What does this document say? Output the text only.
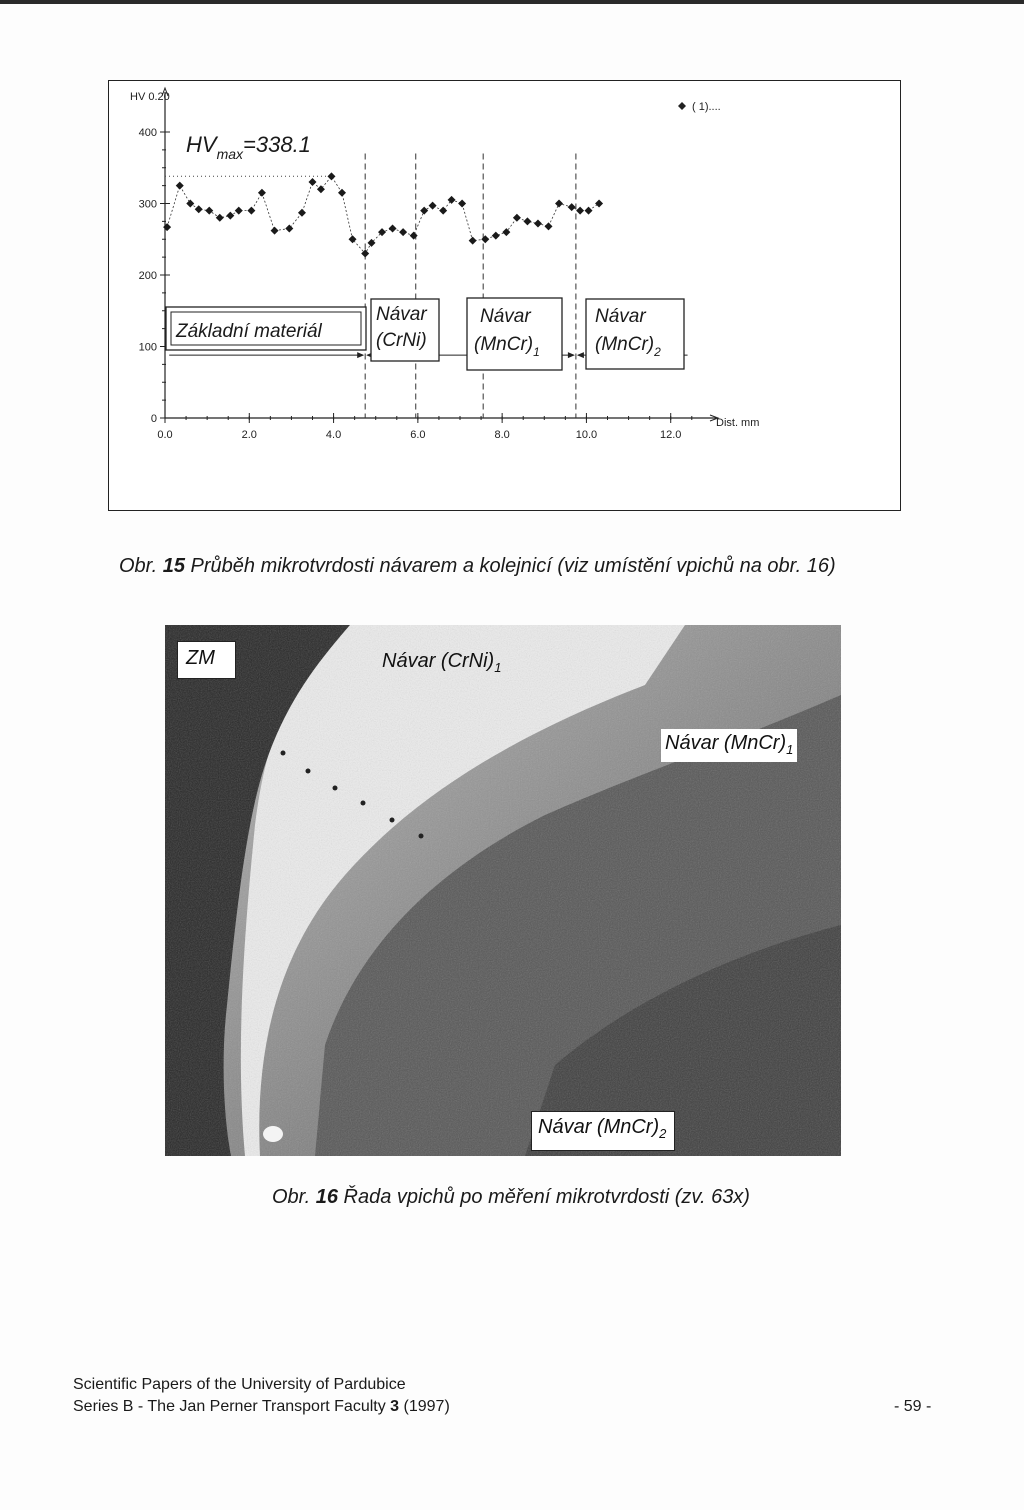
0
100
200
300
400
0.0	2.0	4.0	6.0	8.0	10.0	12.0
HV 0.20
Dist. mm
$HV_{max}=338.1$
( 1)....
Základní materiál
Návar
(CrNi)
Návar
$(MnCr)_1$
Návar
$(MnCr)_2$
Obr. 15 Průběh mikrotvrdosti návarem a kolejnicí (viz umístění vpichů na obr. 16)
ZM	Návar $(CrNi)_1$
Návar $(MnCr)_1$
Návar $(MnCr)_2$
Obr. 16 Řada vpichů po měření mikrotvrdosti (zv. 63x)
Scientific Papers of the University of Pardubice
Series B - The Jan Perner Transport Faculty 3 (1997)	- 59 -
